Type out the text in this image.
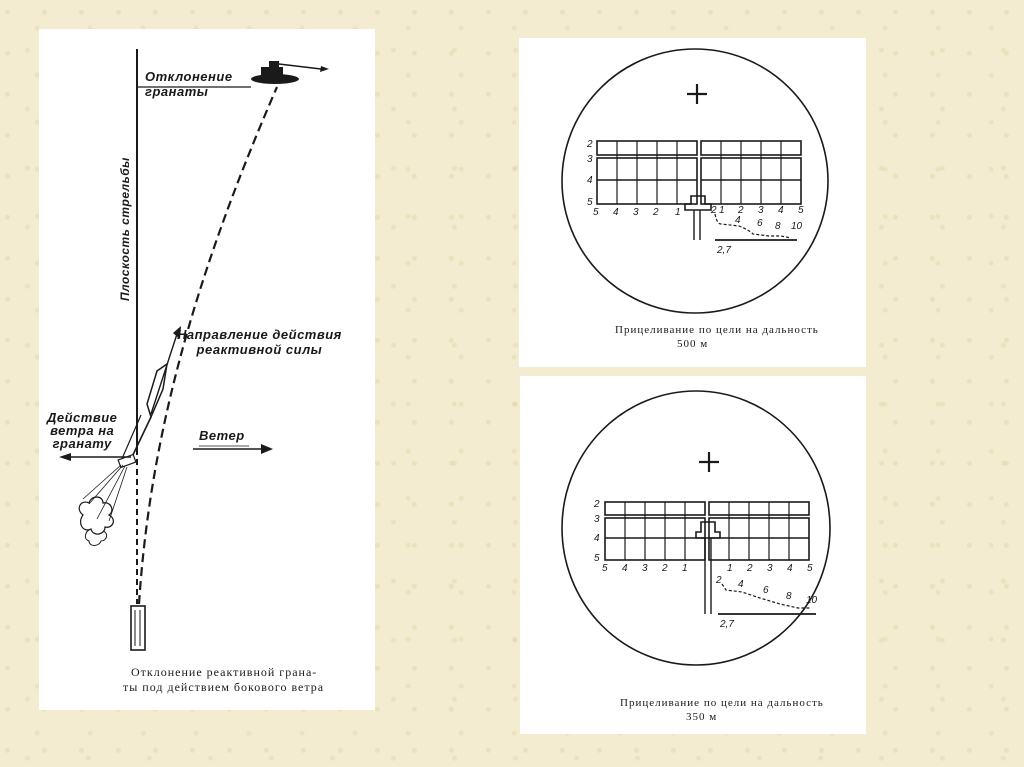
Отклонение
гранаты
Плоскость стрельбы
Направление действия
реактивной силы
Действие
ветра на
гранату
Ветер
Отклонение реактивной грана-
ты под действием бокового ветра
2
3
4
5
5 4 3 2 1	1 2 3 4 5
2
4 6 8 10
2,7
Прицеливание по цели на дальность
500 м
2
3
4
5
5 4 3 2 1	1 2 3 4 5
2 4
6
8 10
2,7
Прицеливание по цели на дальность
350 м
